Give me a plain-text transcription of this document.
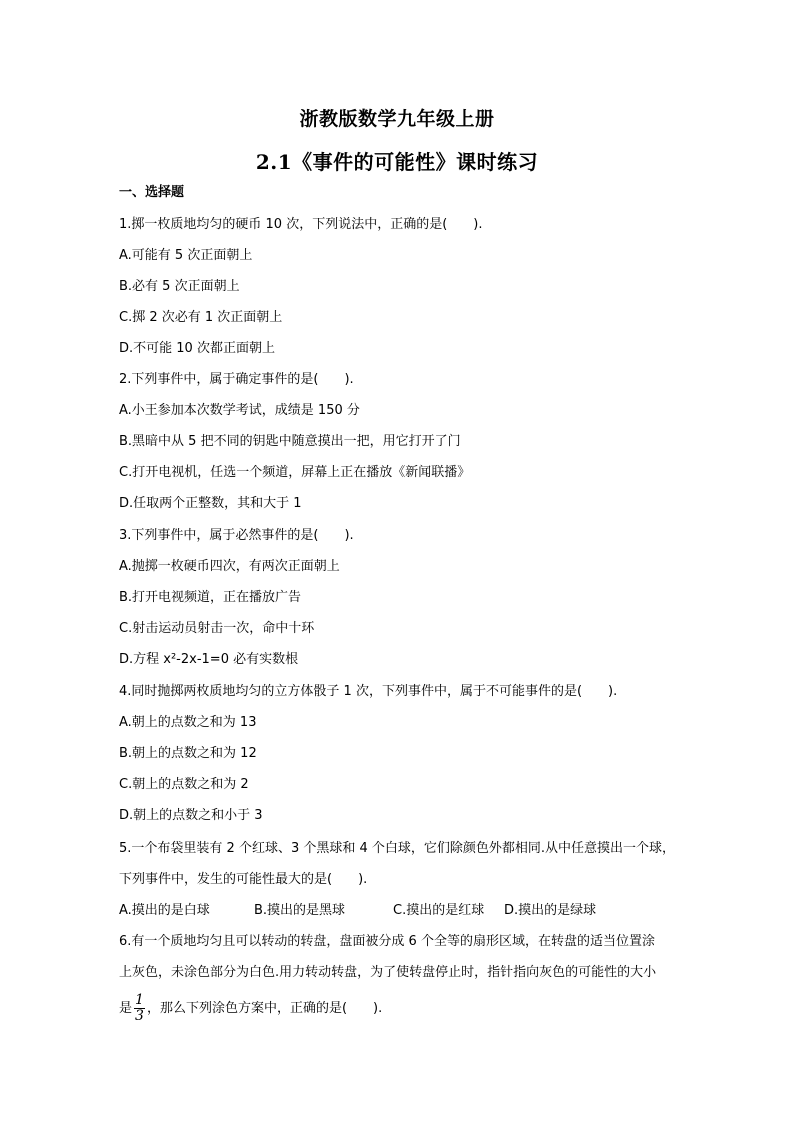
浙教版数学九年级上册
2.1《事件的可能性》课时练习
一、选择题
1.掷一枚质地均匀的硬币 10 次，下列说法中，正确的是(　　).
A.可能有 5 次正面朝上
B.必有 5 次正面朝上
C.掷 2 次必有 1 次正面朝上
D.不可能 10 次都正面朝上
2.下列事件中，属于确定事件的是(　　).
A.小王参加本次数学考试，成绩是 150 分
B.黑暗中从 5 把不同的钥匙中随意摸出一把，用它打开了门
C.打开电视机，任选一个频道，屏幕上正在播放《新闻联播》
D.任取两个正整数，其和大于 1
3.下列事件中，属于必然事件的是(　　).
A.抛掷一枚硬币四次，有两次正面朝上
B.打开电视频道，正在播放广告
C.射击运动员射击一次，命中十环
D.方程 x²-2x-1=0 必有实数根
4.同时抛掷两枚质地均匀的立方体骰子 1 次，下列事件中，属于不可能事件的是(　　).
A.朝上的点数之和为 13
B.朝上的点数之和为 12
C.朝上的点数之和为 2
D.朝上的点数之和小于 3
5.一个布袋里装有 2 个红球、3 个黑球和 4 个白球，它们除颜色外都相同.从中任意摸出一个球，
下列事件中，发生的可能性最大的是(　　).
A.摸出的是白球	B.摸出的是黑球	C.摸出的是红球 D.摸出的是绿球
6.有一个质地均匀且可以转动的转盘，盘面被分成 6 个全等的扇形区域，在转盘的适当位置涂
上灰色，未涂色部分为白色.用力转动转盘，为了使转盘停止时，指针指向灰色的可能性的大小
是 $\frac{1}{3}$ ，那么下列涂色方案中，正确的是(　　).
